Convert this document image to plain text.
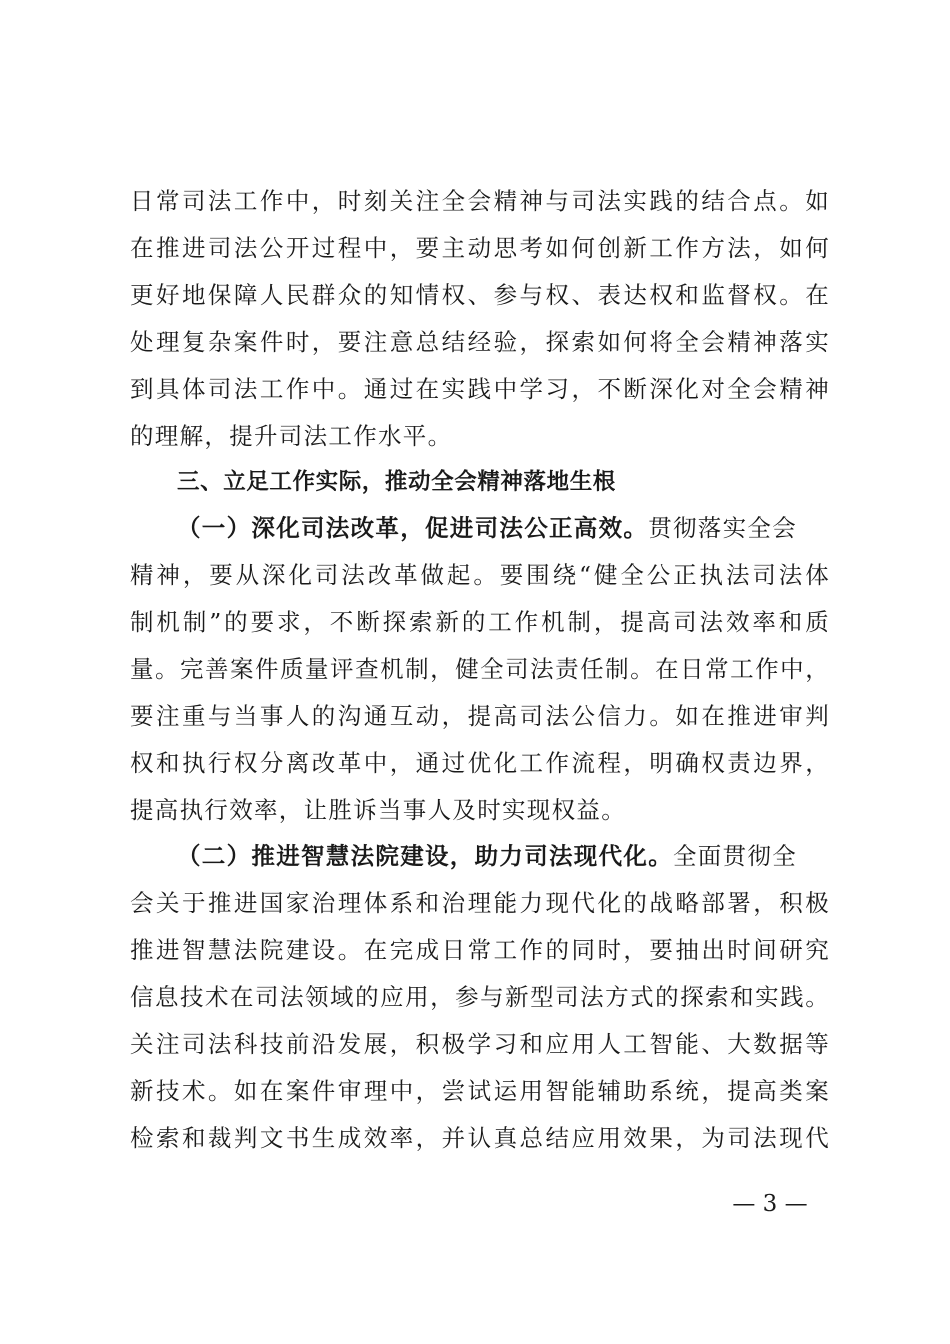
日常司法工作中，时刻关注全会精神与司法实践的结合点。如
在推进司法公开过程中，要主动思考如何创新工作方法，如何
更好地保障人民群众的知情权、参与权、表达权和监督权。在
处理复杂案件时，要注意总结经验，探索如何将全会精神落实
到具体司法工作中。通过在实践中学习，不断深化对全会精神
的理解，提升司法工作水平。
三、立足工作实际，推动全会精神落地生根
（一）深化司法改革，促进司法公正高效。贯彻落实全会
精神，要从深化司法改革做起。要围绕“健全公正执法司法体
制机制”的要求，不断探索新的工作机制，提高司法效率和质
量。完善案件质量评查机制，健全司法责任制。在日常工作中，
要注重与当事人的沟通互动，提高司法公信力。如在推进审判
权和执行权分离改革中，通过优化工作流程，明确权责边界，
提高执行效率，让胜诉当事人及时实现权益。
（二）推进智慧法院建设，助力司法现代化。全面贯彻全
会关于推进国家治理体系和治理能力现代化的战略部署，积极
推进智慧法院建设。在完成日常工作的同时，要抽出时间研究
信息技术在司法领域的应用，参与新型司法方式的探索和实践。
关注司法科技前沿发展，积极学习和应用人工智能、大数据等
新技术。如在案件审理中，尝试运用智能辅助系统，提高类案
检索和裁判文书生成效率，并认真总结应用效果，为司法现代
— 3 —
